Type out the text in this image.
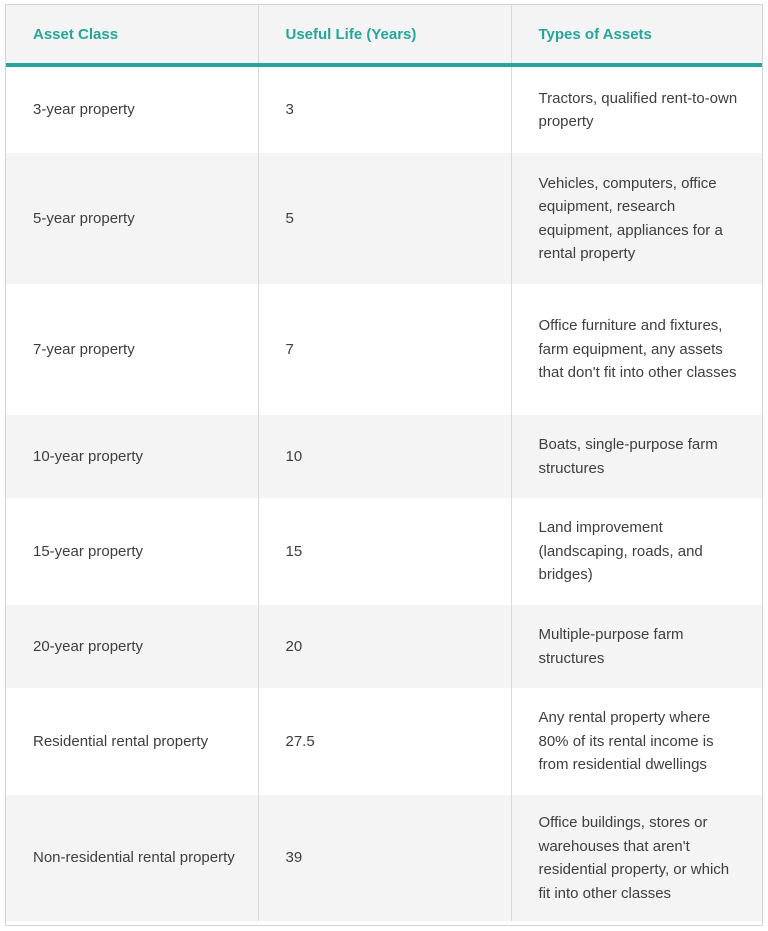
Asset Class	Useful Life (Years)	Types of Assets
3-year property	3	Tractors, qualified rent-to-own property
5-year property	5	Vehicles, computers, office equipment, research equipment, appliances for a rental property
7-year property	7	Office furniture and fixtures, farm equipment, any assets that don't fit into other classes
10-year property	10	Boats, single-purpose farm structures
15-year property	15	Land improvement (landscaping, roads, and bridges)
20-year property	20	Multiple-purpose farm structures
Residential rental property	27.5	Any rental property where 80% of its rental income is from residential dwellings
Non-residential rental property	39	Office buildings, stores or warehouses that aren't residential property, or which fit into other classes
